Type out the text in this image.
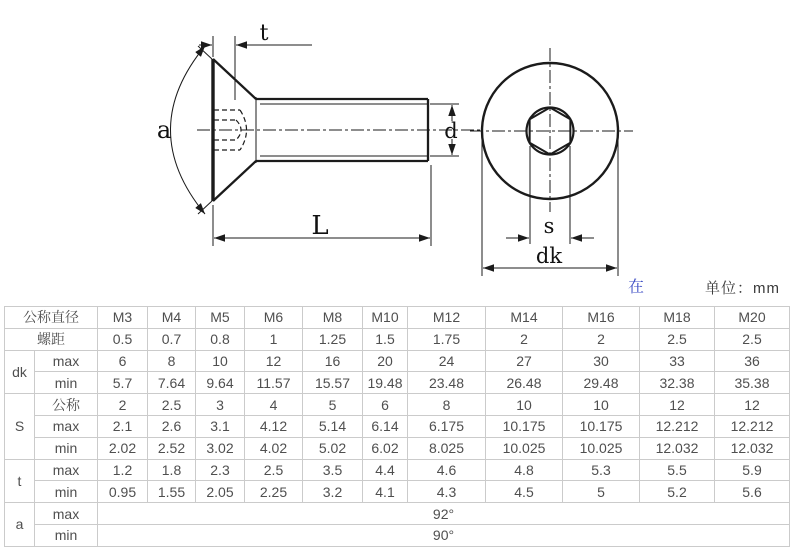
t
a	d
L	s
dk
在	单位：mm
公称直径		M3	M4	M5	M6	M8	M10	M12	M14	M16	M18	M20
螺距		0.5	0.7	0.8	1	1.25	1.5	1.75	2	2	2.5	2.5
dk	max	6	8	10	12	16	20	24	27	30	33	36
	min	5.7	7.64	9.64	11.57	15.57	19.48	23.48	26.48	29.48	32.38	35.38
S	公称	2	2.5	3	4	5	6	8	10	10	12	12
	max	2.1	2.6	3.1	4.12	5.14	6.14	6.175	10.175	10.175	12.212	12.212
	min	2.02	2.52	3.02	4.02	5.02	6.02	8.025	10.025	10.025	12.032	12.032
t	max	1.2	1.8	2.3	2.5	3.5	4.4	4.6	4.8	5.3	5.5	5.9
	min	0.95	1.55	2.05	2.25	3.2	4.1	4.3	4.5	5	5.2	5.6
a	max	92°										
	min	90°										
